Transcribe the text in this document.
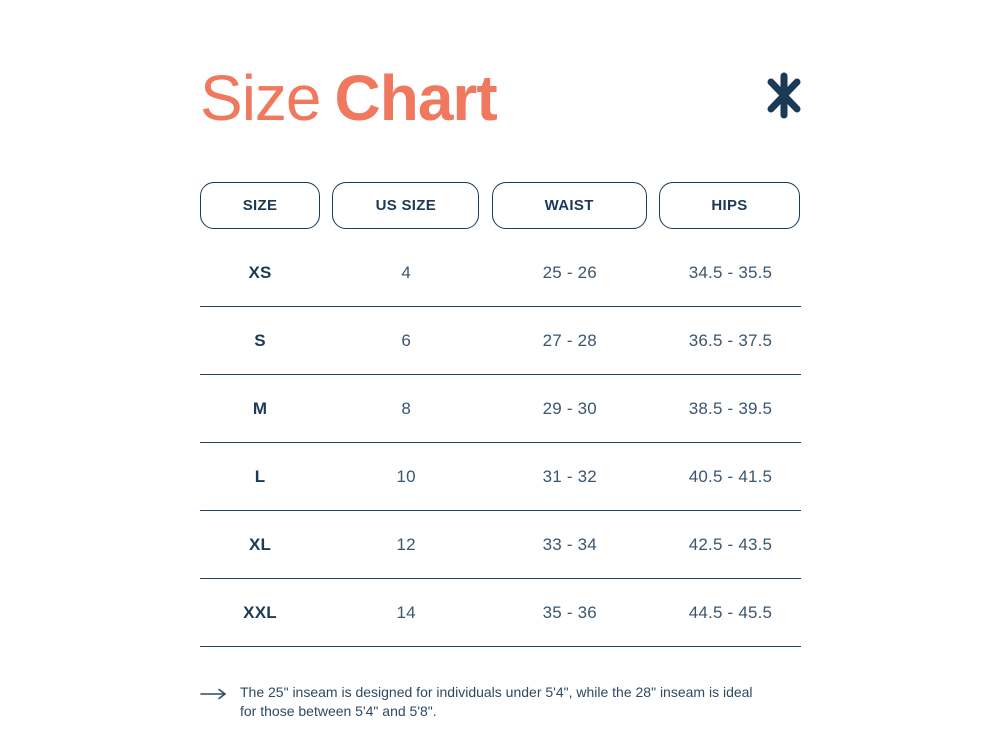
Size Chart
SIZE	US SIZE	WAIST	HIPS
XS	4	25 - 26	34.5 - 35.5
S	6	27 - 28	36.5 - 37.5
M	8	29 - 30	38.5 - 39.5
L	10	31 - 32	40.5 - 41.5
XL	12	33 - 34	42.5 - 43.5
XXL	14	35 - 36	44.5 - 45.5
The 25" inseam is designed for individuals under 5'4", while the 28" inseam is ideal
for those between 5'4" and 5'8".
